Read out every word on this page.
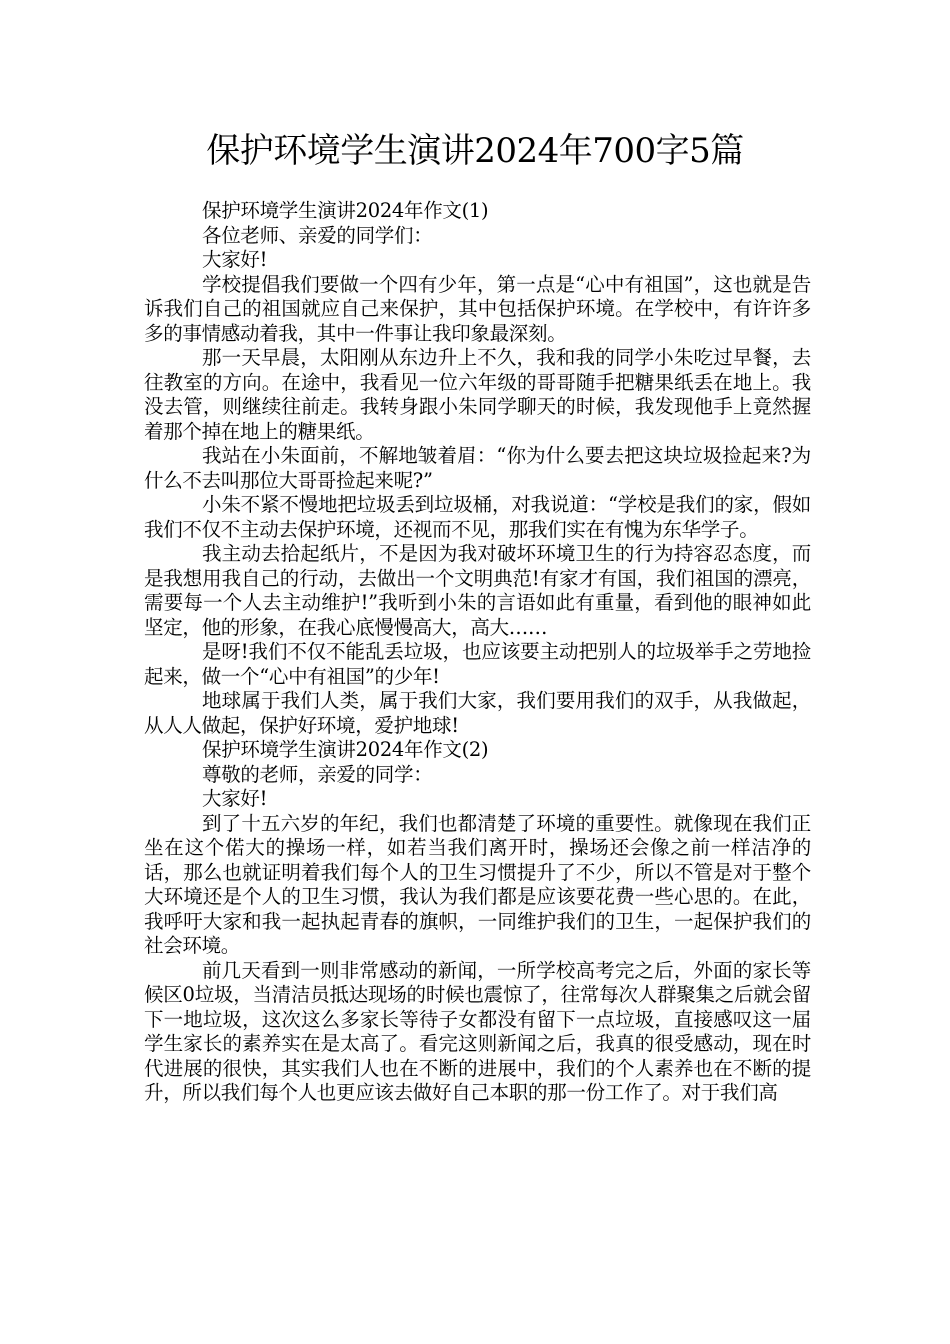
保护环境学生演讲2024年700字5篇

保护环境学生演讲2024年作文(1)

各位老师、亲爱的同学们：

大家好!

学校提倡我们要做一个四有少年，第一点是“心中有祖国”，这也就是告诉我们自己的祖国就应自己来保护，其中包括保护环境。在学校中，有许许多多的事情感动着我，其中一件事让我印象最深刻。

那一天早晨，太阳刚从东边升上不久，我和我的同学小朱吃过早餐，去往教室的方向。在途中，我看见一位六年级的哥哥随手把糖果纸丢在地上。我没去管，则继续往前走。我转身跟小朱同学聊天的时候，我发现他手上竟然握着那个掉在地上的糖果纸。

我站在小朱面前，不解地皱着眉：“你为什么要去把这块垃圾捡起来?为什么不去叫那位大哥哥捡起来呢?”

小朱不紧不慢地把垃圾丢到垃圾桶，对我说道：“学校是我们的家，假如我们不仅不主动去保护环境，还视而不见，那我们实在有愧为东华学子。

我主动去拾起纸片，不是因为我对破坏环境卫生的行为持容忍态度，而是我想用我自己的行动，去做出一个文明典范!有家才有国，我们祖国的漂亮，需要每一个人去主动维护!”我听到小朱的言语如此有重量，看到他的眼神如此坚定，他的形象，在我心底慢慢高大，高大……

是呀!我们不仅不能乱丢垃圾，也应该要主动把别人的垃圾举手之劳地捡起来，做一个“心中有祖国”的少年!

地球属于我们人类，属于我们大家，我们要用我们的双手，从我做起，从人人做起，保护好环境，爱护地球!

保护环境学生演讲2024年作文(2)

尊敬的老师，亲爱的同学：

大家好!

到了十五六岁的年纪，我们也都清楚了环境的重要性。就像现在我们正坐在这个偌大的操场一样，如若当我们离开时，操场还会像之前一样洁净的话，那么也就证明着我们每个人的卫生习惯提升了不少，所以不管是对于整个大环境还是个人的卫生习惯，我认为我们都是应该要花费一些心思的。在此，我呼吁大家和我一起执起青春的旗帜，一同维护我们的卫生，一起保护我们的社会环境。

前几天看到一则非常感动的新闻，一所学校高考完之后，外面的家长等候区0垃圾，当清洁员抵达现场的时候也震惊了，往常每次人群聚集之后就会留下一地垃圾，这次这么多家长等待子女都没有留下一点垃圾，直接感叹这一届学生家长的素养实在是太高了。看完这则新闻之后，我真的很受感动，现在时代进展的很快，其实我们人也在不断的进展中，我们的个人素养也在不断的提升，所以我们每个人也更应该去做好自己本职的那一份工作了。对于我们高
